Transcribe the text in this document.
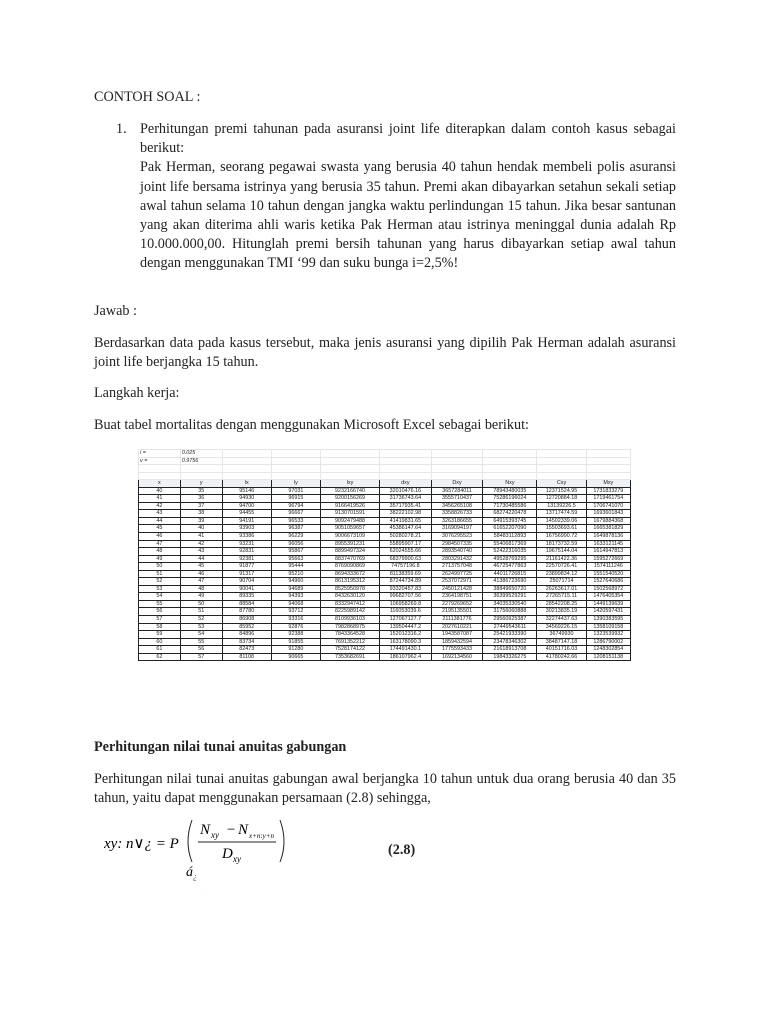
CONTOH SOAL :

1. Perhitungan premi tahunan pada asuransi joint life diterapkan dalam contoh kasus sebagai berikut:

Pak Herman, seorang pegawai swasta yang berusia 40 tahun hendak membeli polis asuransi joint life bersama istrinya yang berusia 35 tahun. Premi akan dibayarkan setahun sekali setiap awal tahun selama 10 tahun dengan jangka waktu perlindungan 15 tahun. Jika besar santunan yang akan diterima ahli waris ketika Pak Herman atau istrinya meninggal dunia adalah Rp 10.000.000,00. Hitunglah premi bersih tahunan yang harus dibayarkan setiap awal tahun dengan menggunakan TMI ‘99 dan suku bunga i=2,5%!

Jawab :

Berdasarkan data pada kasus tersebut, maka jenis asuransi yang dipilih Pak Herman adalah asuransi joint life berjangka 15 tahun.

Langkah kerja:

Buat tabel mortalitas dengan menggunakan Microsoft Excel sebagai berikut:

i =	0.025								
v =	0.9756								

x	y	lx	ly	lxy	dxy	Dxy	Nxy	Cxy	Mxy
40	35	95146	97031	9232166740	32010476.16	3657284011	78943480035	12371524.95	1731833279
41	36	94930	96915	9200156269	31736743.64	3555710437	75286196024	12720884.18	1719461754
42	37	94700	96794	9166419526	35717935.41	3456265108	71730485586	13139226.5	1706741070
43	38	94455	96667	9130701591	38222102.98	3358826733	68274220478	13717474.59	1693601843
44	39	94191	96533	9092479488	41419831.65	3263186655	64915393745	14502339.06	1679884368
45	40	93903	96387	9051059657	45386147.64	3169094197	61652207090	15503693.61	1665381829
46	41	93386	96229	9006673109	50280278.21	3076295523	58483112893	16756990.72	1649878136
47	42	93231	96056	8955391231	55895907.17	2984507335	55406817369	18173732.59	1633121145
48	43	92831	95867	8899497324	62024555.66	2893540740	52422316035	19675144.04	1614947813
49	44	92381	95663	8837470769	68379900.63	2803291432	49528769295	21161422.36	1595272669
50	45	91877	95444	8769090869	74757196.8	2713757048	46725477863	22570726.41	1574111246
51	46	91317	95210	8694333672	81138359.69	2624997725	44011726815	23899834.12	1551540520
52	47	90704	94960	8613195312	87244734.89	2537072971	41386723690	25071714	1527640686
53	48	90041	94689	8525950978	93320457.83	2450121428	38849650720	26263617.01	1502568972
54	49	89335	94393	8432630120	99682707.56	2364198751	36399529291	27265715.11	1476405354
55	50	88584	94068	8332947412	106958269.8	2279269652	34035330540	28542208.25	1449139639
56	51	87780	93712	8225989142	116053039.6	2195135501	31756060888	30213835.19	1420597431
57	52	86908	93316	8109936103	127067127.7	2111381776	29560925387	32274437.63	1390383595
58	53	85952	92876	7982868975	139504447.2	2027610221	27449543611	34569226.15	1358109158
59	54	84896	92388	7843364528	152012316.2	1943587087	25421933390	36749930	1323539932
60	55	83734	91855	7691352212	163178090.3	1859432594	23478346302	38487147.18	1286790002
61	56	82473	91280	7528174122	174491430.1	1775593433	21618913708	40151716.03	1248302854
62	57	81108	90665	7353682691	186107962.4	1692134560	19843326275	41780242.66	1208151138

Perhitungan nilai tunai anuitas gabungan

Perhitungan nilai tunai anuitas gabungan awal berjangka 10 tahun untuk dua orang berusia 40 dan 35 tahun, yaitu dapat menggunakan persamaan (2.8) sehingga,

xy: n∨¿ = P
N xy − N x+n:y+n
D xy
á ¿
(2.8)
